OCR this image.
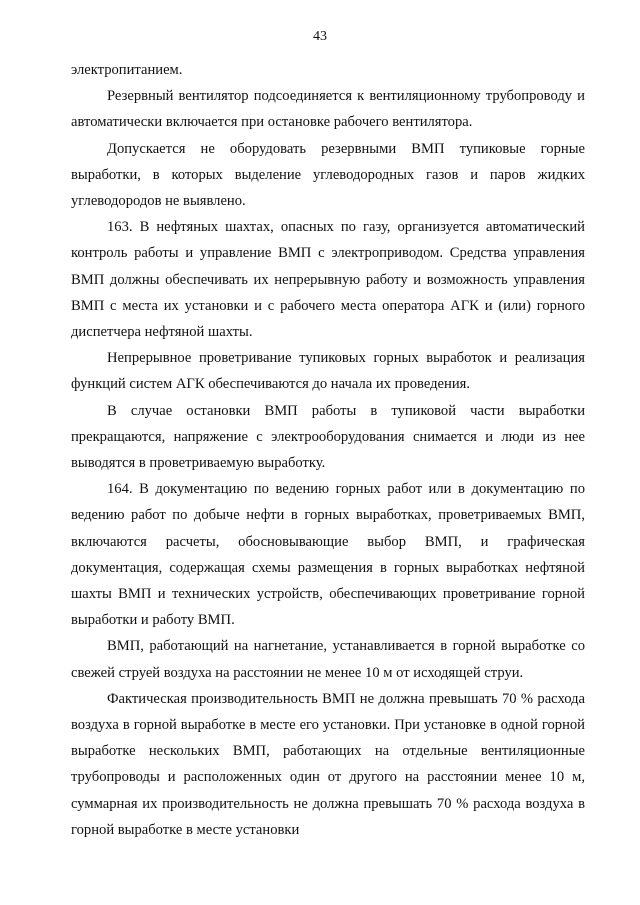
43

электропитанием.

Резервный вентилятор подсоединяется к вентиляционному трубопроводу и автоматически включается при остановке рабочего вентилятора.

Допускается не оборудовать резервными ВМП тупиковые горные выработки, в которых выделение углеводородных газов и паров жидких углеводородов не выявлено.

163. В нефтяных шахтах, опасных по газу, организуется автоматический контроль работы и управление ВМП с электроприводом. Средства управления ВМП должны обеспечивать их непрерывную работу и возможность управления ВМП с места их установки и с рабочего места оператора АГК и (или) горного диспетчера нефтяной шахты.

Непрерывное проветривание тупиковых горных выработок и реализация функций систем АГК обеспечиваются до начала их проведения.

В случае остановки ВМП работы в тупиковой части выработки прекращаются, напряжение с электрооборудования снимается и люди из нее выводятся в проветриваемую выработку.

164. В документацию по ведению горных работ или в документацию по ведению работ по добыче нефти в горных выработках, проветриваемых ВМП, включаются расчеты, обосновывающие выбор ВМП, и графическая документация, содержащая схемы размещения в горных выработках нефтяной шахты ВМП и технических устройств, обеспечивающих проветривание горной выработки и работу ВМП.

ВМП, работающий на нагнетание, устанавливается в горной выработке со свежей струей воздуха на расстоянии не менее 10 м от исходящей струи.

Фактическая производительность ВМП не должна превышать 70 % расхода воздуха в горной выработке в месте его установки. При установке в одной горной выработке нескольких ВМП, работающих на отдельные вентиляционные трубопроводы и расположенных один от другого на расстоянии менее 10 м, суммарная их производительность не должна превышать 70 % расхода воздуха в горной выработке в месте установки
